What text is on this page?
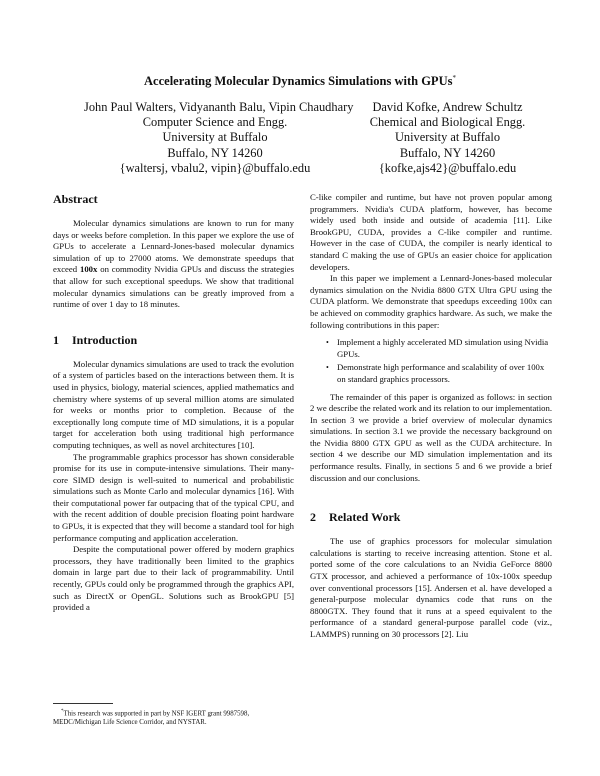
Accelerating Molecular Dynamics Simulations with GPUs*
John Paul Walters, Vidyananth Balu, Vipin Chaudhary
Computer Science and Engg.
University at Buffalo
Buffalo, NY 14260
{waltersj, vbalu2, vipin}@buffalo.edu
David Kofke, Andrew Schultz
Chemical and Biological Engg.
University at Buffalo
Buffalo, NY 14260
{kofke,ajs42}@buffalo.edu
Abstract

Molecular dynamics simulations are known to run for many days or weeks before completion. In this paper we explore the use of GPUs to accelerate a Lennard-Jones-based molecular dynamics simulation of up to 27000 atoms. We demonstrate speedups that exceed 100x on commodity Nvidia GPUs and discuss the strategies that allow for such exceptional speedups. We show that traditional molecular dynamics simulations can be greatly improved from a runtime of over 1 day to 18 minutes.

1 Introduction

Molecular dynamics simulations are used to track the evolution of a system of particles based on the interactions between them. It is used in physics, biology, material sciences, applied mathematics and chemistry where systems of up several million atoms are simulated for weeks or months prior to completion. Because of the exceptionally long compute time of MD simulations, it is a popular target for acceleration both using traditional high performance computing techniques, as well as novel architectures [10].

The programmable graphics processor has shown considerable promise for its use in compute-intensive simulations. Their many-core SIMD design is well-suited to numerical and probabilistic simulations such as Monte Carlo and molecular dynamics [16]. With their computational power far outpacing that of the typical CPU, and with the recent addition of double precision floating point hardware to GPUs, it is expected that they will become a standard tool for high performance computing and application acceleration.

Despite the computational power offered by modern graphics processors, they have traditionally been limited to the graphics domain in large part due to their lack of programmability. Until recently, GPUs could only be programmed through the graphics API, such as DirectX or OpenGL. Solutions such as BrookGPU [5] provided a

*This research was supported in part by NSF IGERT grant 9987598, MEDC/Michigan Life Science Corridor, and NYSTAR.

C-like compiler and runtime, but have not proven popular among programmers. Nvidia's CUDA platform, however, has become widely used both inside and outside of academia [11]. Like BrookGPU, CUDA, provides a C-like compiler and runtime. However in the case of CUDA, the compiler is nearly identical to standard C making the use of GPUs an easier choice for application developers.

In this paper we implement a Lennard-Jones-based molecular dynamics simulation on the Nvidia 8800 GTX Ultra GPU using the CUDA platform. We demonstrate that speedups exceeding 100x can be achieved on commodity graphics hardware. As such, we make the following contributions in this paper:

• Implement a highly accelerated MD simulation using Nvidia GPUs.
• Demonstrate high performance and scalability of over 100x on standard graphics processors.

The remainder of this paper is organized as follows: in section 2 we describe the related work and its relation to our implementation. In section 3 we provide a brief overview of molecular dynamics simulations. In section 3.1 we provide the necessary background on the Nvidia 8800 GTX GPU as well as the CUDA architecture. In section 4 we describe our MD simulation implementation and its performance results. Finally, in sections 5 and 6 we provide a brief discussion and our conclusions.

2 Related Work

The use of graphics processors for molecular simulation calculations is starting to receive increasing attention. Stone et al. ported some of the core calculations to an Nvidia GeForce 8800 GTX processor, and achieved a performance of 10x-100x speedup over conventional processors [15]. Andersen et al. have developed a general-purpose molecular dynamics code that runs on the 8800GTX. They found that it runs at a speed equivalent to the performance of a standard general-purpose parallel code (viz., LAMMPS) running on 30 processors [2]. Liu
